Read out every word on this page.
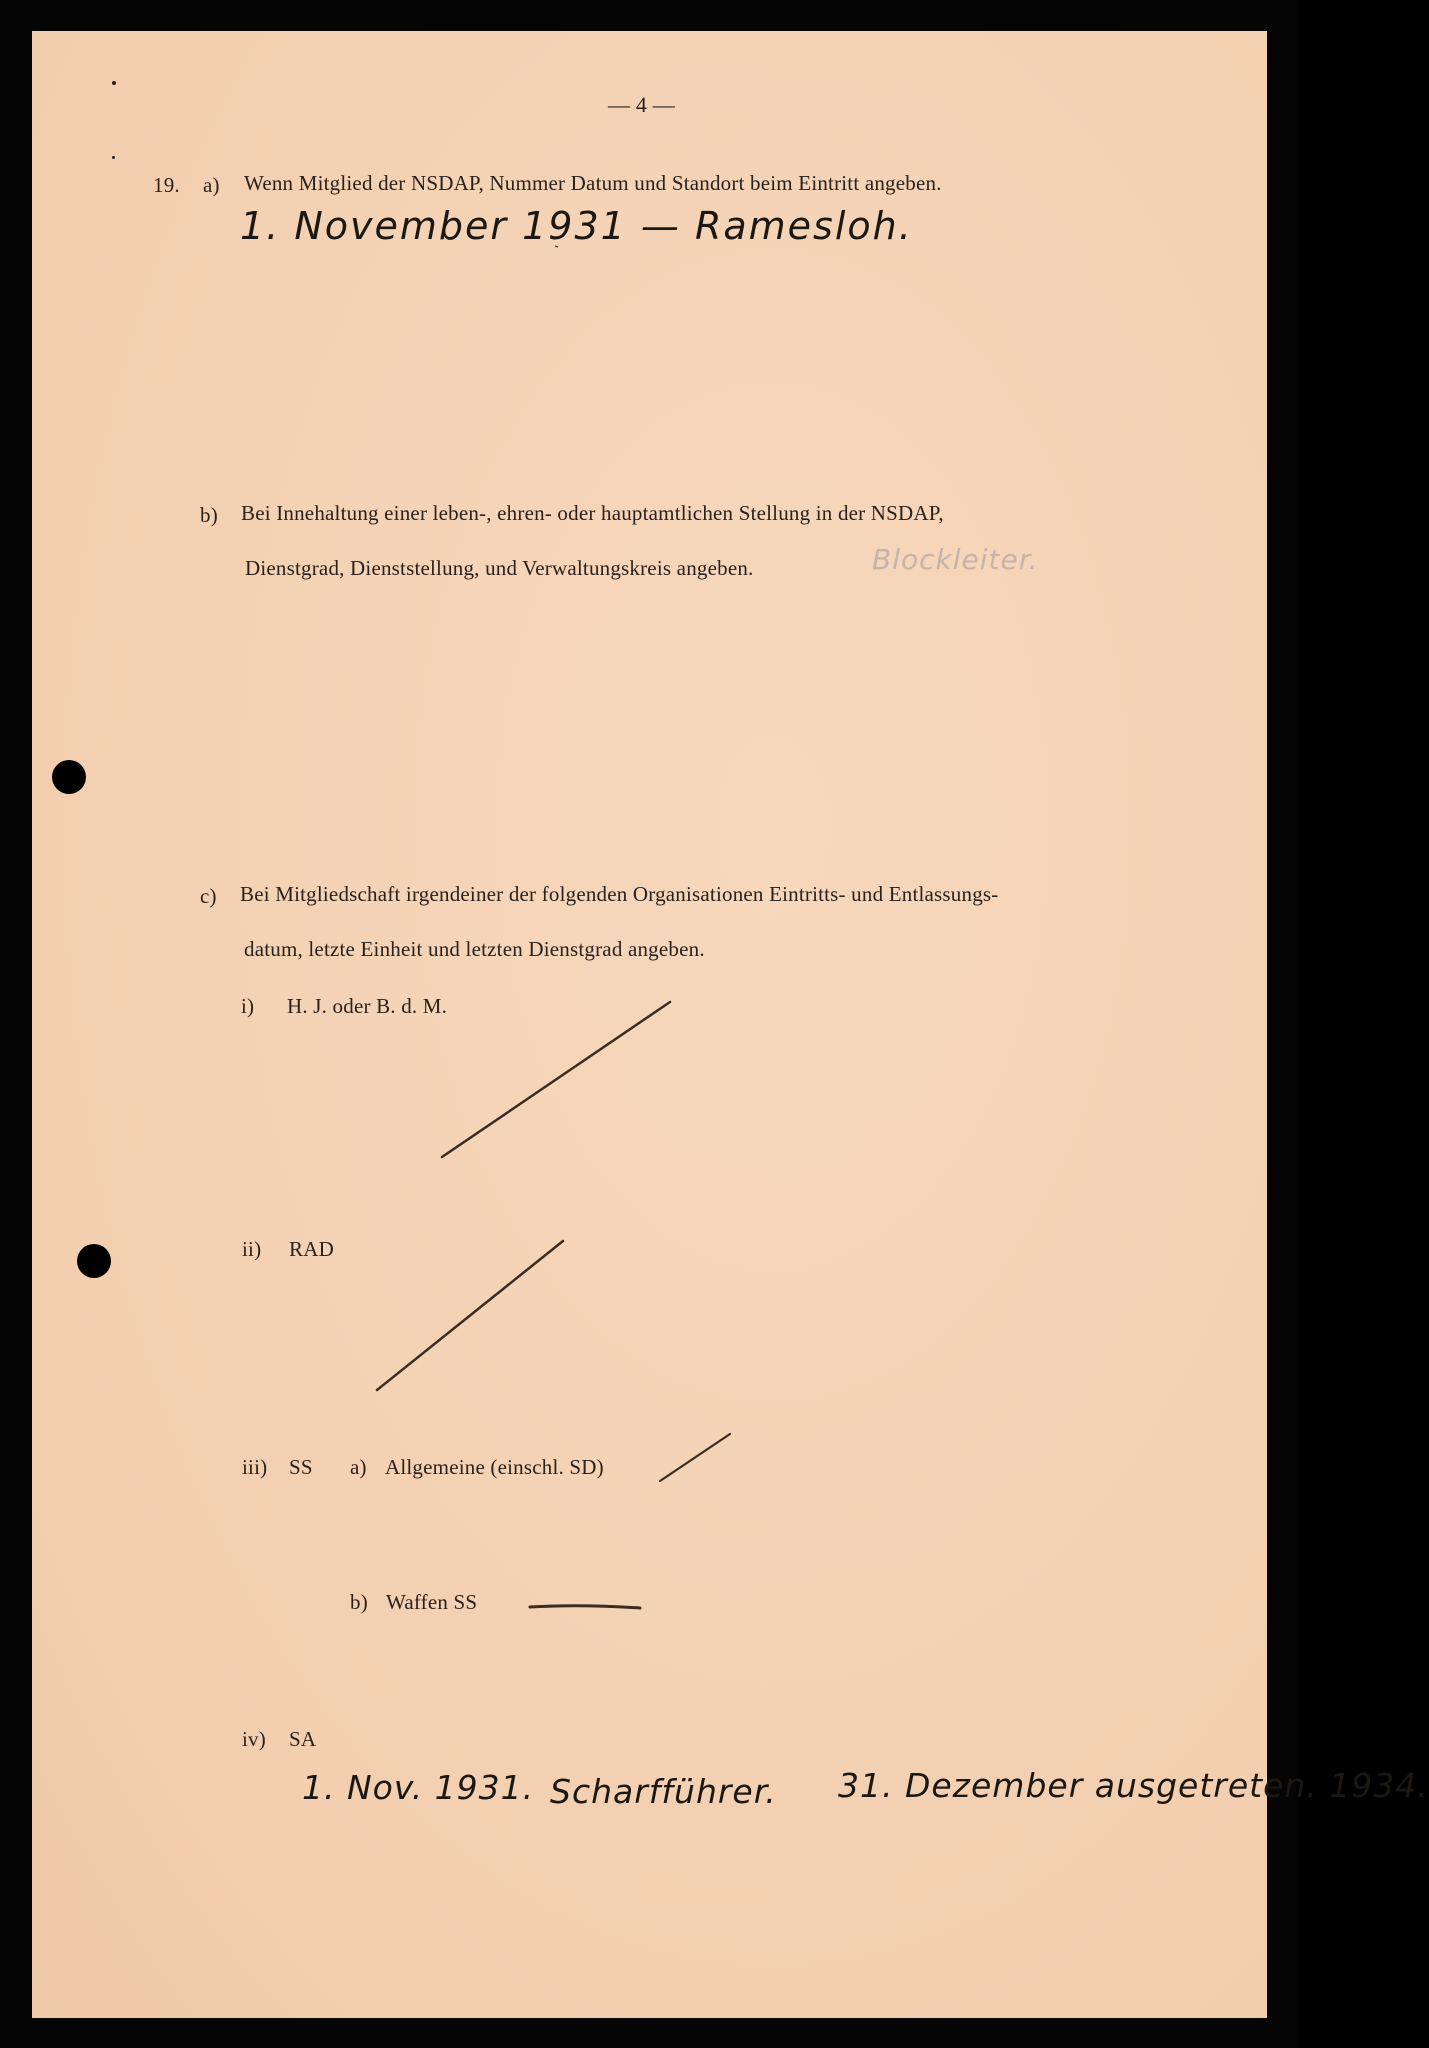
— 4 —
19. a) Wenn Mitglied der NSDAP, Nummer Datum und Standort beim Eintritt angeben.
1. November 1931 — Ramesloh.
b) Bei Innehaltung einer leben-, ehren- oder hauptamtlichen Stellung in der NSDAP,
Dienstgrad, Dienststellung, und Verwaltungskreis angeben.	Blockleiter.
c) Bei Mitgliedschaft irgendeiner der folgenden Organisationen Eintritts- und Entlassungs-
datum, letzte Einheit und letzten Dienstgrad angeben.
i) H. J. oder B. d. M.
ii) RAD
iii) SS a) Allgemeine (einschl. SD)
b) Waffen SS
iv) SA
1. Nov. 1931. Scharfführer. 31. Dezember ausgetreten. 1934.
